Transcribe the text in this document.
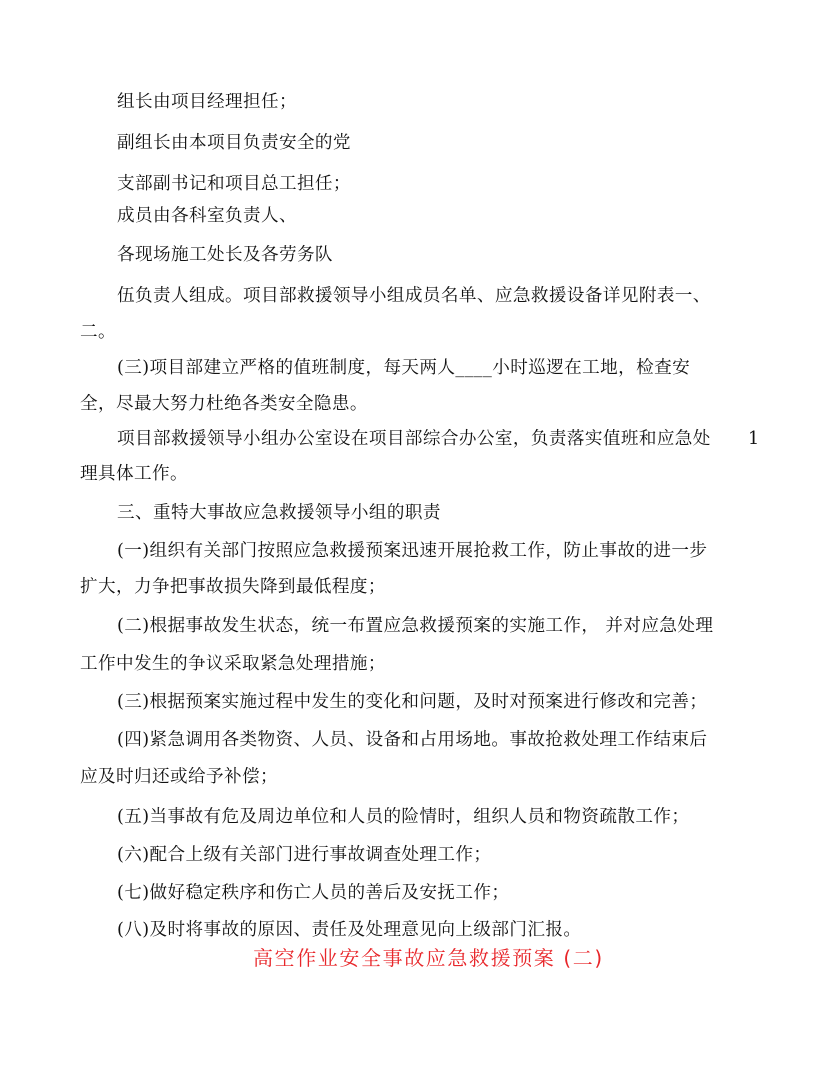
组长由项目经理担任；
副组长由本项目负责安全的党
支部副书记和项目总工担任；
成员由各科室负责人、
各现场施工处长及各劳务队
伍负责人组成。项目部救援领导小组成员名单、应急救援设备详见附表一、
二。
(三)项目部建立严格的值班制度，每天两人____小时巡逻在工地，检查安
全，尽最大努力杜绝各类安全隐患。
项目部救援领导小组办公室设在项目部综合办公室，负责落实值班和应急处 1
理具体工作。
三、重特大事故应急救援领导小组的职责
(一)组织有关部门按照应急救援预案迅速开展抢救工作，防止事故的进一步
扩大，力争把事故损失降到最低程度；
(二)根据事故发生状态，统一布置应急救援预案的实施工作， 并对应急处理
工作中发生的争议采取紧急处理措施；
(三)根据预案实施过程中发生的变化和问题，及时对预案进行修改和完善；
(四)紧急调用各类物资、人员、设备和占用场地。事故抢救处理工作结束后
应及时归还或给予补偿；
(五)当事故有危及周边单位和人员的险情时，组织人员和物资疏散工作；
(六)配合上级有关部门进行事故调查处理工作；
(七)做好稳定秩序和伤亡人员的善后及安抚工作；
(八)及时将事故的原因、责任及处理意见向上级部门汇报。
高空作业安全事故应急救援预案 (二)
